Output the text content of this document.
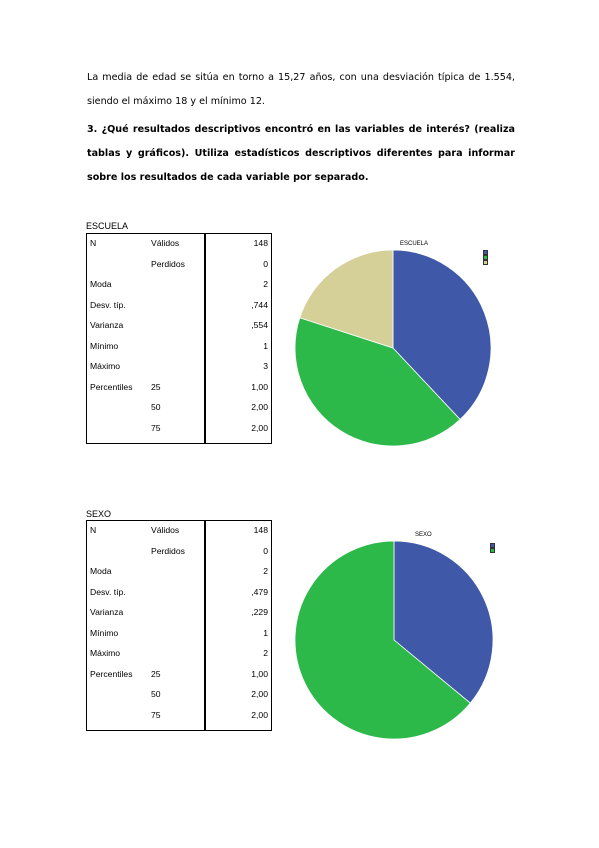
La media de edad se sitúa en torno a 15,27 años, con una desviación típica de 1.554, siendo el máximo 18 y el mínimo 12.
3. ¿Qué resultados descriptivos encontró en las variables de interés? (realiza tablas y gráficos). Utiliza estadísticos descriptivos diferentes para informar sobre los resultados de cada variable por separado.
ESCUELA
N	Válidos	148
	Perdidos	0
Moda		2
Desv. típ.		,744
Varianza		,554
Mínimo		1
Máximo		3
Percentiles	25	1,00
	50	2,00
	75	2,00
ESCUELA
SEXO
N	Válidos	148
	Perdidos	0
Moda		2
Desv. típ.		,479
Varianza		,229
Mínimo		1
Máximo		2
Percentiles	25	1,00
	50	2,00
	75	2,00
SEXO
